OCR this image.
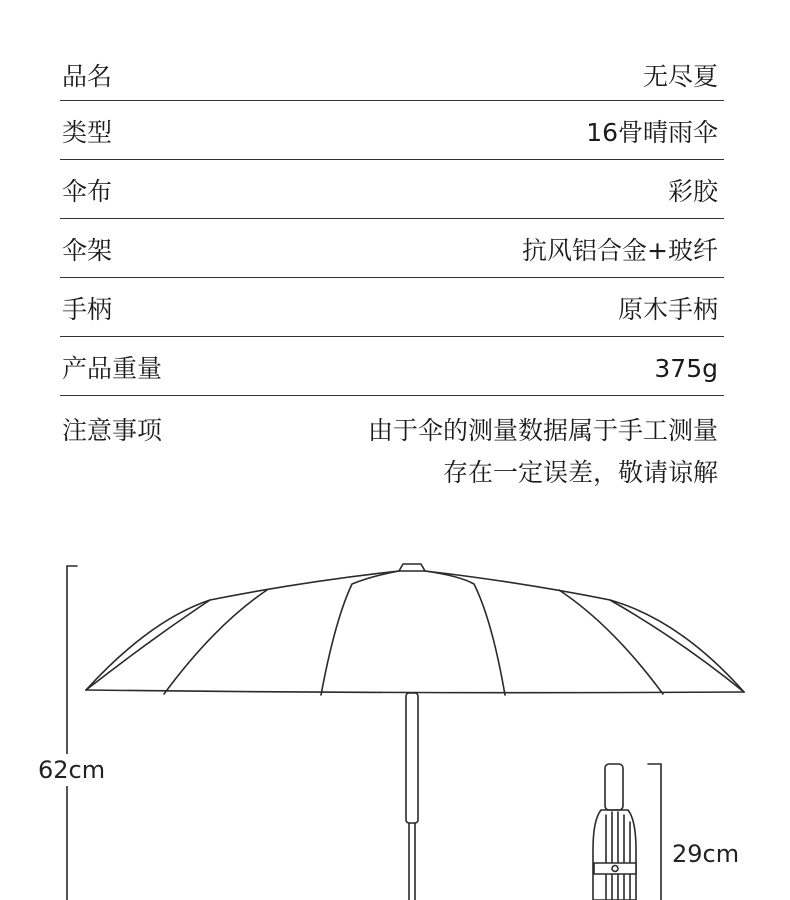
品名	无尽夏
类型	16骨晴雨伞
伞布	彩胶
伞架	抗风铝合金+玻纤
手柄	原木手柄
产品重量	375g
注意事项	由于伞的测量数据属于手工测量
存在一定误差，敬请谅解
62cm
29cm
